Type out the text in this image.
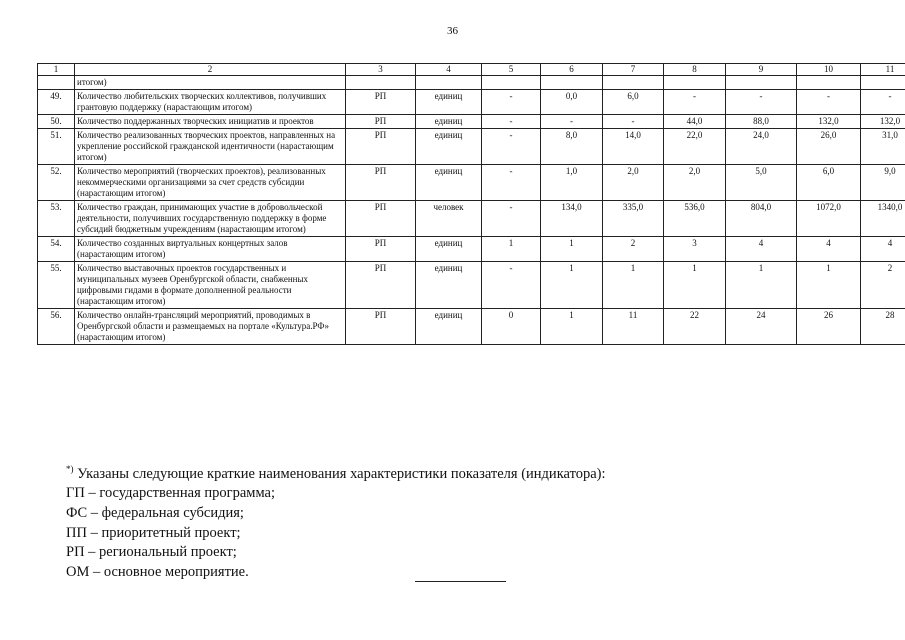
36
1	2	3	4	5	6	7	8	9	10	11
	итогом)									
49.	Количество любительских творческих коллективов, получивших грантовую поддержку (нарастающим итогом)	РП	единиц	-	0,0	6,0	-	-	-	-
50.	Количество поддержанных творческих инициатив и проектов	РП	единиц	-	-	-	44,0	88,0	132,0	132,0
51.	Количество реализованных творческих проектов, направленных на укрепление российской гражданской идентичности (нарастающим итогом)	РП	единиц	-	8,0	14,0	22,0	24,0	26,0	31,0
52.	Количество мероприятий (творческих проектов), реализованных некоммерческими организациями за счет средств субсидии (нарастающим итогом)	РП	единиц	-	1,0	2,0	2,0	5,0	6,0	9,0
53.	Количество граждан, принимающих участие в добровольческой деятельности, получивших государственную поддержку в форме субсидий бюджетным учреждениям (нарастающим итогом)	РП	человек	-	134,0	335,0	536,0	804,0	1072,0	1340,0
54.	Количество созданных виртуальных концертных залов (нарастающим итогом)	РП	единиц	1	1	2	3	4	4	4
55.	Количество выставочных проектов государственных и муниципальных музеев Оренбургской области, снабженных цифровыми гидами в формате дополненной реальности (нарастающим итогом)	РП	единиц	-	1	1	1	1	1	2
56.	Количество онлайн-трансляций мероприятий, проводимых в Оренбургской области и размещаемых на портале «Культура.РФ» (нарастающим итогом)	РП	единиц	0	1	11	22	24	26	28
*) Указаны следующие краткие наименования характеристики показателя (индикатора):
ГП – государственная программа;
ФС – федеральная субсидия;
ПП – приоритетный проект;
РП – региональный проект;
ОМ – основное мероприятие.
